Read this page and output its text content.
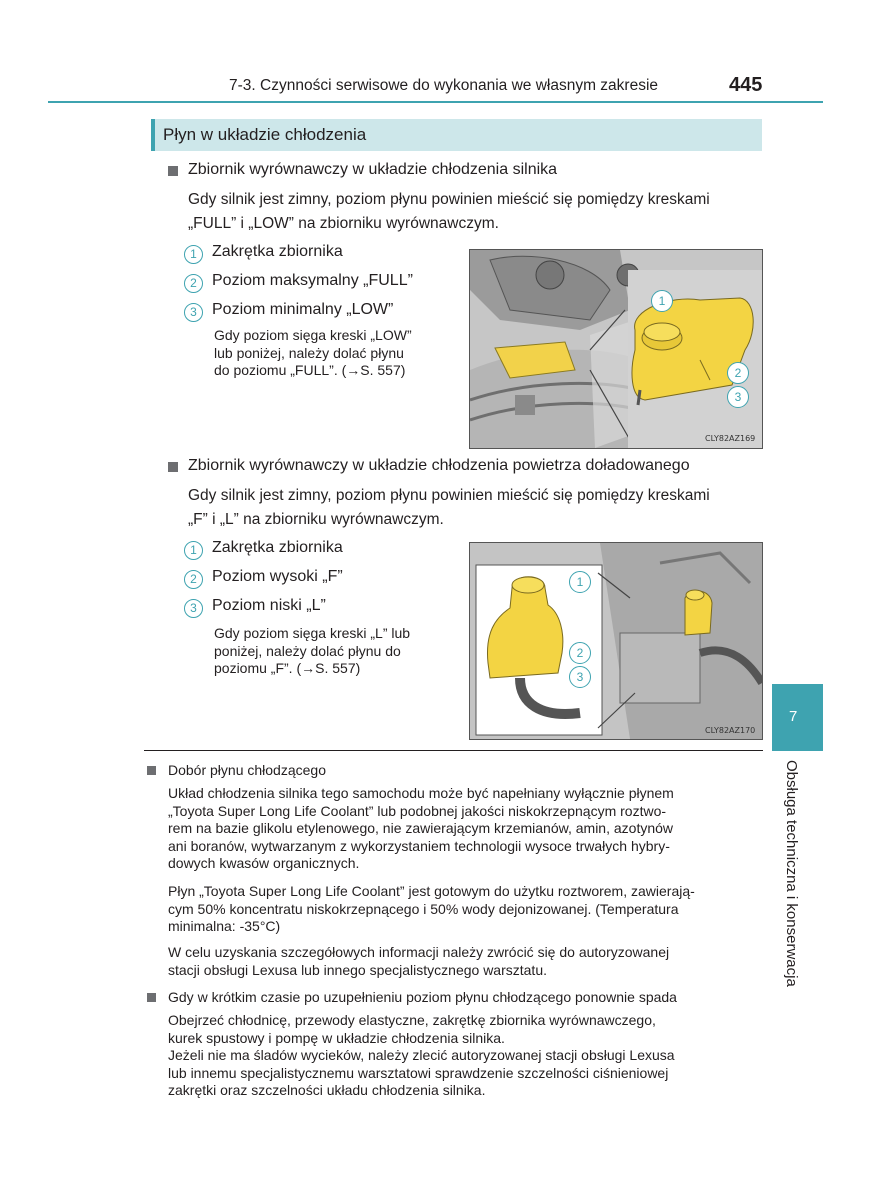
7-3. Czynności serwisowe do wykonania we własnym zakresie	445
Płyn w układzie chłodzenia
Zbiornik wyrównawczy w układzie chłodzenia silnika
Gdy silnik jest zimny, poziom płynu powinien mieścić się pomiędzy kreskami
„FULL” i „LOW” na zbiorniku wyrównawczym.
1 Zakrętka zbiornika
2 Poziom maksymalny „FULL”
3 Poziom minimalny „LOW”
Gdy poziom sięga kreski „LOW”
lub poniżej, należy dolać płynu
do poziomu „FULL”. (→S. 557)
1
2
3
CLY82AZ169
Zbiornik wyrównawczy w układzie chłodzenia powietrza doładowanego
Gdy silnik jest zimny, poziom płynu powinien mieścić się pomiędzy kreskami
„F” i „L” na zbiorniku wyrównawczym.
1 Zakrętka zbiornika
2 Poziom wysoki „F”
3 Poziom niski „L”
Gdy poziom sięga kreski „L” lub
poniżej, należy dolać płynu do
poziomu „F”. (→S. 557)
1
2
3
CLY82AZ170
Dobór płynu chłodzącego
Układ chłodzenia silnika tego samochodu może być napełniany wyłącznie płynem
„Toyota Super Long Life Coolant” lub podobnej jakości niskokrzepnącym roztwo-
rem na bazie glikolu etylenowego, nie zawierającym krzemianów, amin, azotynów
ani boranów, wytwarzanym z wykorzystaniem technologii wysoce trwałych hybry-
dowych kwasów organicznych.
Płyn „Toyota Super Long Life Coolant” jest gotowym do użytku roztworem, zawierają-
cym 50% koncentratu niskokrzepnącego i 50% wody dejonizowanej. (Temperatura
minimalna: -35°C)
W celu uzyskania szczegółowych informacji należy zwrócić się do autoryzowanej
stacji obsługi Lexusa lub innego specjalistycznego warsztatu.
Gdy w krótkim czasie po uzupełnieniu poziom płynu chłodzącego ponownie spada
Obejrzeć chłodnicę, przewody elastyczne, zakrętkę zbiornika wyrównawczego,
kurek spustowy i pompę w układzie chłodzenia silnika.
Jeżeli nie ma śladów wycieków, należy zlecić autoryzowanej stacji obsługi Lexusa
lub innemu specjalistycznemu warsztatowi sprawdzenie szczelności ciśnieniowej
zakrętki oraz szczelności układu chłodzenia silnika.
7
Obsługa techniczna i konserwacja
